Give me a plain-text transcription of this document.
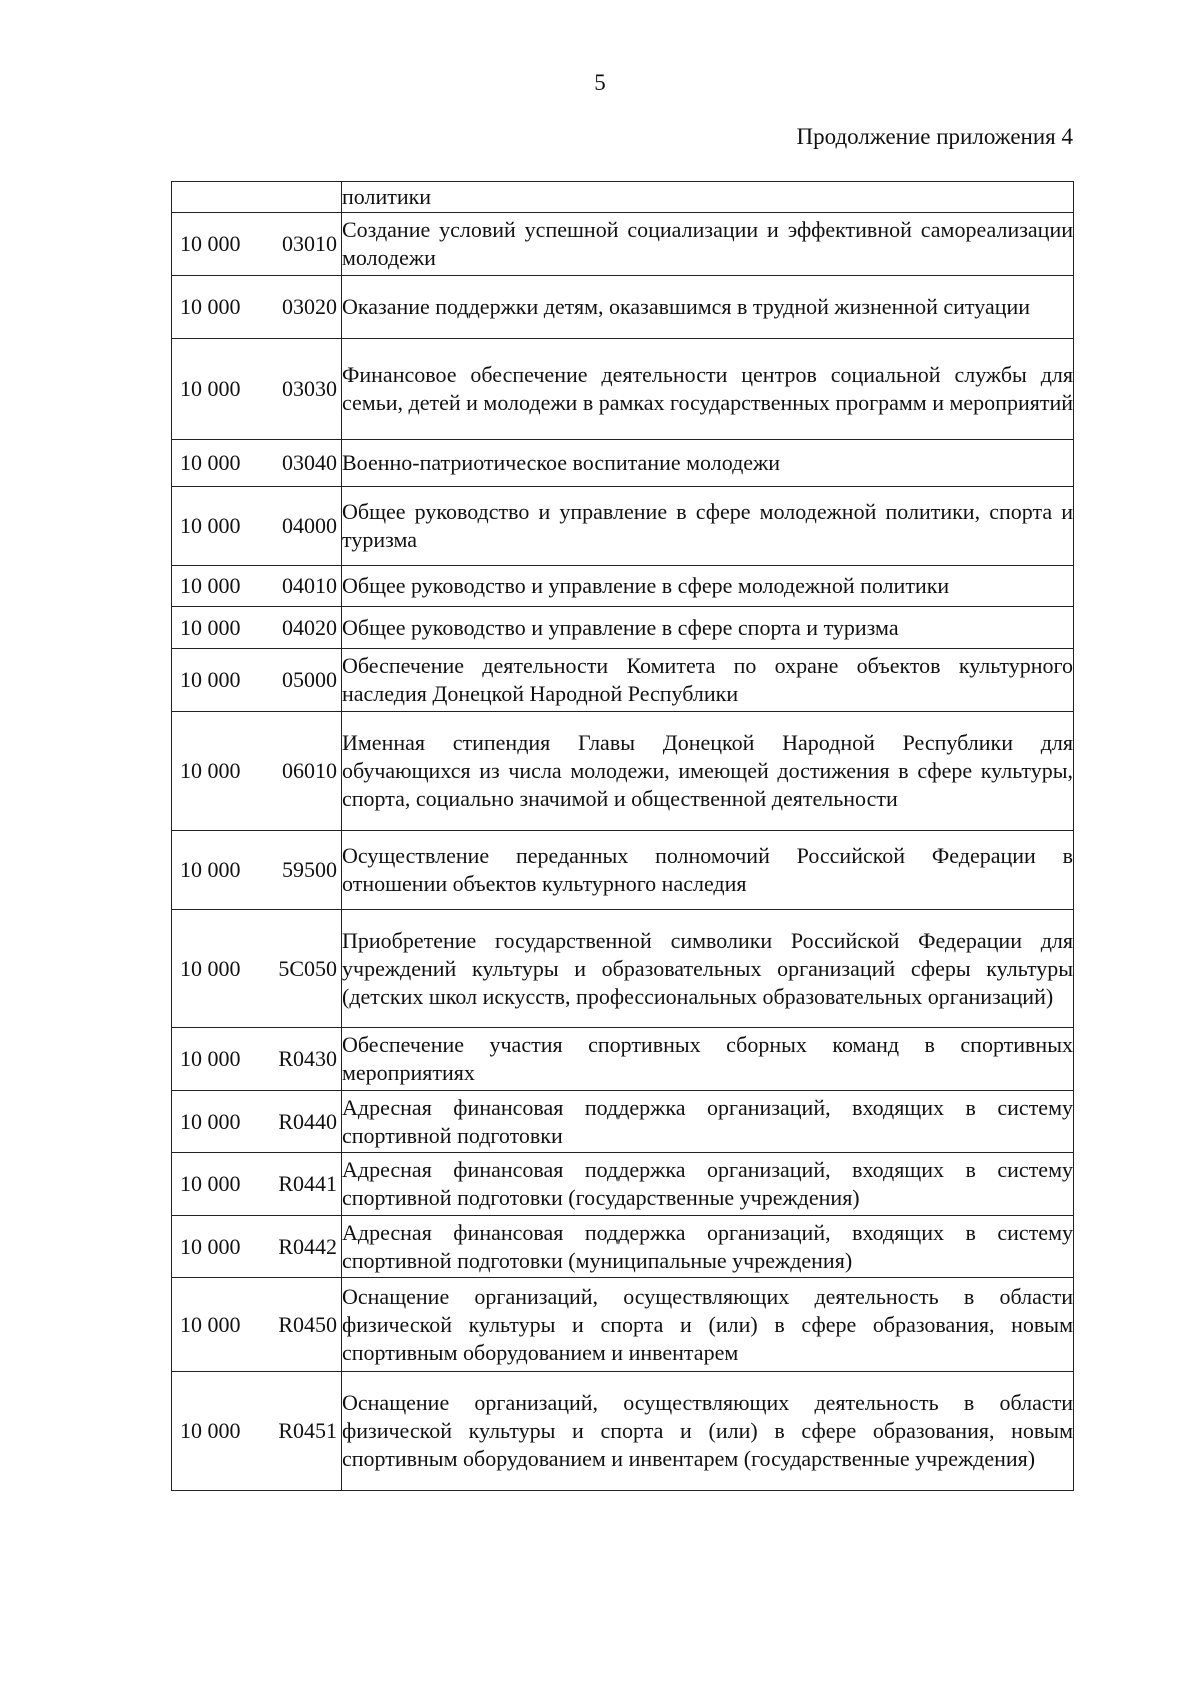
5
Продолжение приложения 4
	политики

10 000 03010	Создание условий успешной социализации и эффективной самореализации молодежи

10 000 03020	Оказание поддержки детям, оказавшимся в трудной жизненной ситуации

10 000 03030	Финансовое обеспечение деятельности центров социальной службы для семьи, детей и молодежи в рамках государственных программ и мероприятий

10 000 03040	Военно-патриотическое воспитание молодежи

10 000 04000	Общее руководство и управление в сфере молодежной политики, спорта и туризма

10 000 04010	Общее руководство и управление в сфере молодежной политики

10 000 04020	Общее руководство и управление в сфере спорта и туризма

10 000 05000	Обеспечение деятельности Комитета по охране объектов культурного наследия Донецкой Народной Республики

10 000 06010	Именная стипендия Главы Донецкой Народной Республики для обучающихся из числа молодежи, имеющей достижения в сфере культуры, спорта, социально значимой и общественной деятельности

10 000 59500	Осуществление переданных полномочий Российской Федерации в отношении объектов культурного наследия

10 000 5C050	Приобретение государственной символики Российской Федерации для учреждений культуры и образовательных организаций сферы культуры (детских школ искусств, профессиональных образовательных организаций)

10 000 R0430	Обеспечение участия спортивных сборных команд в спортивных мероприятиях

10 000 R0440	Адресная финансовая поддержка организаций, входящих в систему спортивной подготовки

10 000 R0441	Адресная финансовая поддержка организаций, входящих в систему спортивной подготовки (государственные учреждения)

10 000 R0442	Адресная финансовая поддержка организаций, входящих в систему спортивной подготовки (муниципальные учреждения)

10 000 R0450	Оснащение организаций, осуществляющих деятельность в области физической культуры и спорта и (или) в сфере образования, новым спортивным оборудованием и инвентарем

10 000 R0451	Оснащение организаций, осуществляющих деятельность в области физической культуры и спорта и (или) в сфере образования, новым спортивным оборудованием и инвентарем (государственные учреждения)
